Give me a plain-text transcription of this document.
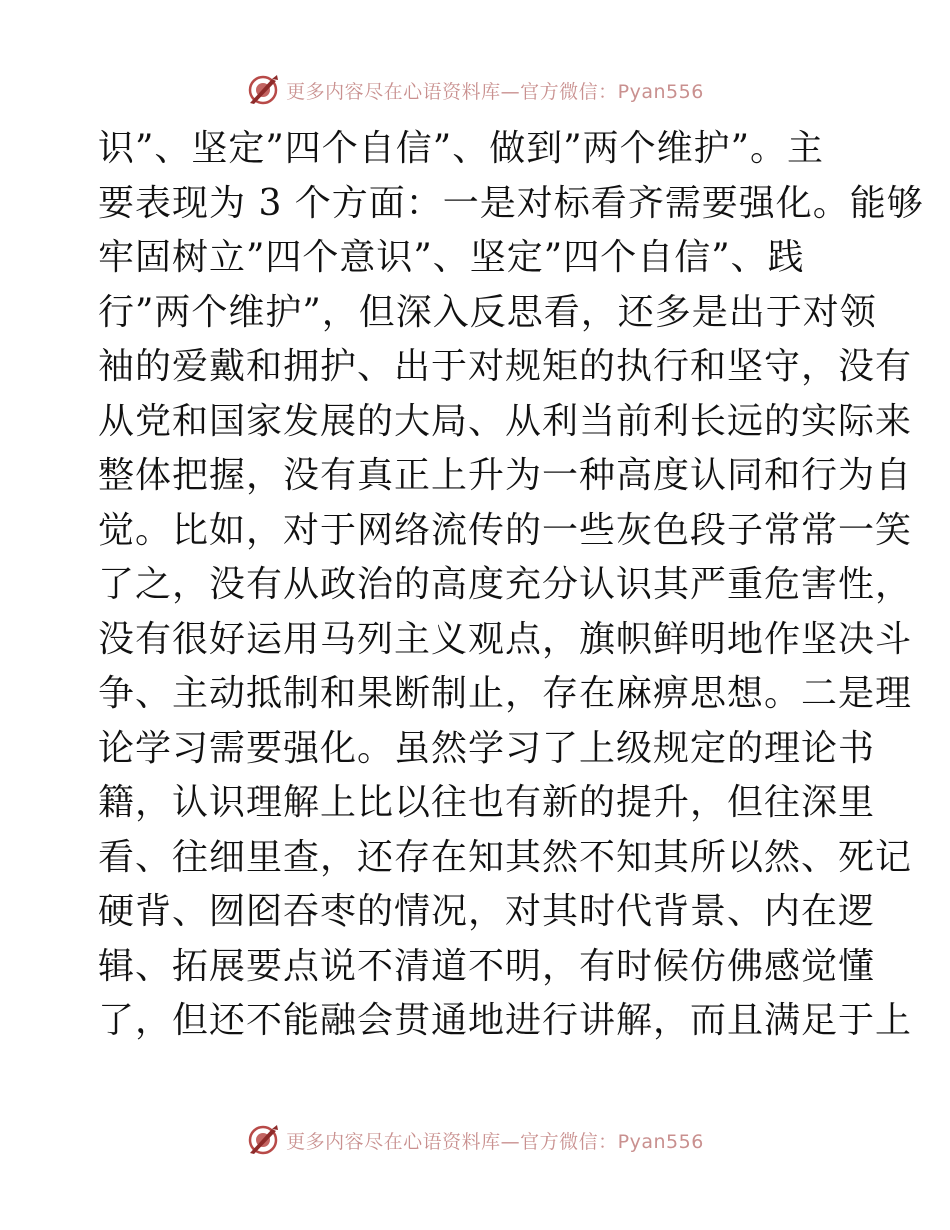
更多内容尽在心语资料库—官方微信：Pyan556
识”、坚定”四个自信”、做到”两个维护”。主
要表现为 3 个方面：一是对标看齐需要强化。能够
牢固树立”四个意识”、坚定”四个自信”、践
行”两个维护”，但深入反思看，还多是出于对领
袖的爱戴和拥护、出于对规矩的执行和坚守，没有
从党和国家发展的大局、从利当前利长远的实际来
整体把握，没有真正上升为一种高度认同和行为自
觉。比如，对于网络流传的一些灰色段子常常一笑
了之，没有从政治的高度充分认识其严重危害性，
没有很好运用马列主义观点，旗帜鲜明地作坚决斗
争、主动抵制和果断制止，存在麻痹思想。二是理
论学习需要强化。虽然学习了上级规定的理论书
籍，认识理解上比以往也有新的提升，但往深里
看、往细里查，还存在知其然不知其所以然、死记
硬背、囫囵吞枣的情况，对其时代背景、内在逻
辑、拓展要点说不清道不明，有时候仿佛感觉懂
了，但还不能融会贯通地进行讲解，而且满足于上
更多内容尽在心语资料库—官方微信：Pyan556
